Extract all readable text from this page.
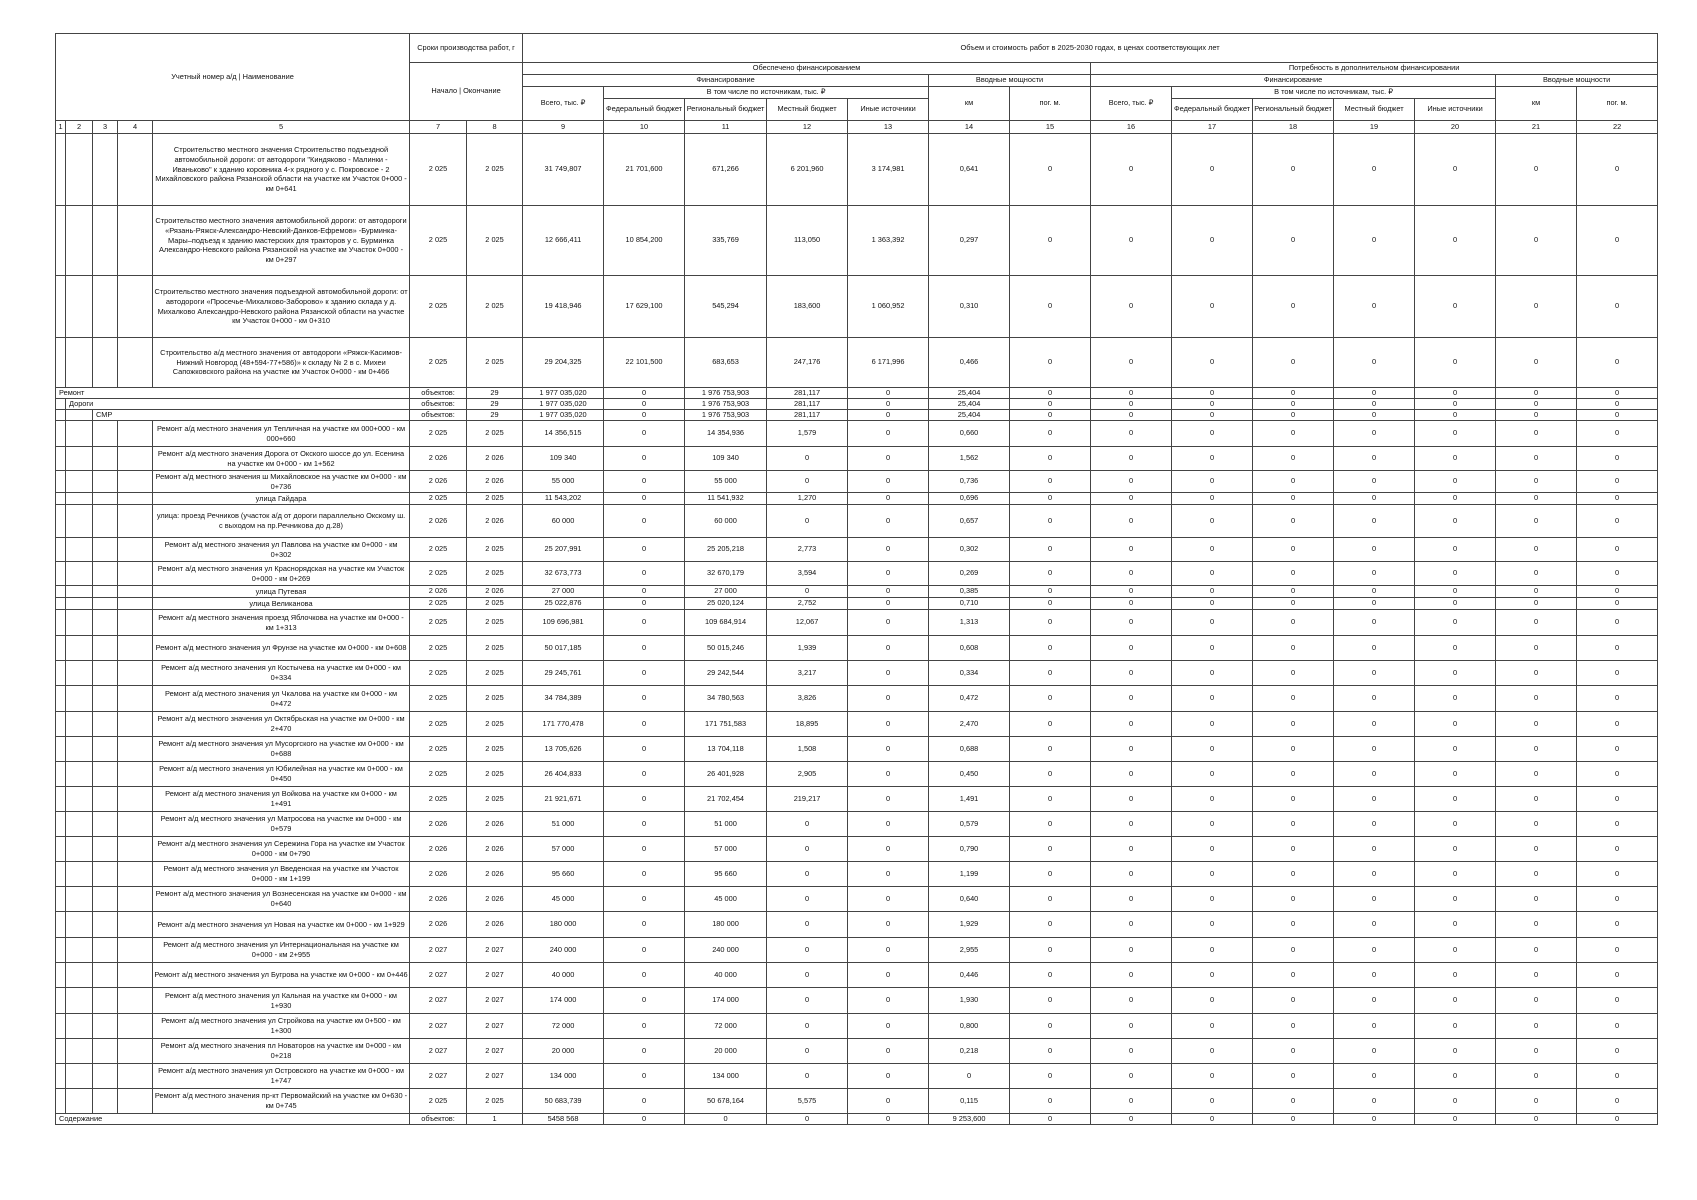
Учетный номер а/д | Наименование					Сроки производства работ, г		Объем и стоимость работ в 2025-2030 годах, в ценах соответствующих лет													
					Начало | Окончание		Обеспечено финансированием							Потребность в дополнительном финансировании						
							Финансирование					Вводные мощности		Финансирование					Вводные мощности	
							Всего, тыс. ₽	В том числе по источникам, тыс. ₽				км	пог. м.	Всего, тыс. ₽	В том числе по источникам, тыс. ₽				км	пог. м.
								Федеральный бюджет	Региональный бюджет	Местный бюджет	Иные источники				Федеральный бюджет	Региональный бюджет	Местный бюджет	Иные источники		
1	2	3	4	5	7	8	9	10	11	12	13	14	15	16	17	18	19	20	21	22
				Строительство местного значения Строительство подъездной автомобильной дороги: от автодороги "Киндяково - Малинки - Иваньково" к зданию коровника 4-х рядного у с. Покровское - 2 Михайловского района Рязанской области на участке км Участок 0+000 - км 0+641	2 025	2 025	31 749,807	21 701,600	671,266	6 201,960	3 174,981	0,641	0	0	0	0	0	0	0	0
				Строительство местного значения автомобильной дороги: от автодороги «Рязань-Ряжск-Александро-Невский-Данков-Ефремов» -Бурминка-Мары–подъезд к зданию мастерских для тракторов у с. Бурминка Александро-Невского района Рязанской на участке км Участок 0+000 - км 0+297	2 025	2 025	12 666,411	10 854,200	335,769	113,050	1 363,392	0,297	0	0	0	0	0	0	0	0
				Строительство местного значения подъездной автомобильной дороги: от автодороги «Просечье-Михалково-Заборово» к зданию склада у д. Михалково Александро-Невского района Рязанской области на участке км Участок 0+000 - км 0+310	2 025	2 025	19 418,946	17 629,100	545,294	183,600	1 060,952	0,310	0	0	0	0	0	0	0	0
				Строительство а/д местного значения от автодороги «Ряжск-Касимов-Нижний Новгород (48+594-77+586)» к складу № 2 в с. Михеи Сапожковского района на участке км Участок 0+000 - км 0+466	2 025	2 025	29 204,325	22 101,500	683,653	247,176	6 171,996	0,466	0	0	0	0	0	0	0	0
Ремонт					объектов:	29	1 977 035,020	0	1 976 753,903	281,117	0	25,404	0	0	0	0	0	0	0	0
	Дороги				объектов:	29	1 977 035,020	0	1 976 753,903	281,117	0	25,404	0	0	0	0	0	0	0	0
		СМР			объектов:	29	1 977 035,020	0	1 976 753,903	281,117	0	25,404	0	0	0	0	0	0	0	0
				Ремонт а/д местного значения ул Тепличная на участке км 000+000 - км 000+660	2 025	2 025	14 356,515	0	14 354,936	1,579	0	0,660	0	0	0	0	0	0	0	0
				Ремонт а/д местного значения Дорога от Окского шоссе до ул. Есенина на участке км 0+000 - км 1+562	2 026	2 026	109 340	0	109 340	0	0	1,562	0	0	0	0	0	0	0	0
				Ремонт а/д местного значения ш Михайловское на участке км 0+000 - км 0+736	2 026	2 026	55 000	0	55 000	0	0	0,736	0	0	0	0	0	0	0	0
				улица Гайдара	2 025	2 025	11 543,202	0	11 541,932	1,270	0	0,696	0	0	0	0	0	0	0	0
				улица: проезд Речников (участок а/д от дороги параллельно Окскому ш. с выходом на пр.Речникова до д.28)	2 026	2 026	60 000	0	60 000	0	0	0,657	0	0	0	0	0	0	0	0
				Ремонт а/д местного значения ул Павлова на участке км 0+000 - км 0+302	2 025	2 025	25 207,991	0	25 205,218	2,773	0	0,302	0	0	0	0	0	0	0	0
				Ремонт а/д местного значения ул Краснорядская на участке км Участок 0+000 - км 0+269	2 025	2 025	32 673,773	0	32 670,179	3,594	0	0,269	0	0	0	0	0	0	0	0
				улица Путевая	2 026	2 026	27 000	0	27 000	0	0	0,385	0	0	0	0	0	0	0	0
				улица Великанова	2 025	2 025	25 022,876	0	25 020,124	2,752	0	0,710	0	0	0	0	0	0	0	0
				Ремонт а/д местного значения проезд Яблочкова на участке км 0+000 - км 1+313	2 025	2 025	109 696,981	0	109 684,914	12,067	0	1,313	0	0	0	0	0	0	0	0
				Ремонт а/д местного значения ул Фрунзе на участке км 0+000 - км 0+608	2 025	2 025	50 017,185	0	50 015,246	1,939	0	0,608	0	0	0	0	0	0	0	0
				Ремонт а/д местного значения ул Костычева на участке км 0+000 - км 0+334	2 025	2 025	29 245,761	0	29 242,544	3,217	0	0,334	0	0	0	0	0	0	0	0
				Ремонт а/д местного значения ул Чкалова на участке км 0+000 - км 0+472	2 025	2 025	34 784,389	0	34 780,563	3,826	0	0,472	0	0	0	0	0	0	0	0
				Ремонт а/д местного значения ул Октябрьская на участке км 0+000 - км 2+470	2 025	2 025	171 770,478	0	171 751,583	18,895	0	2,470	0	0	0	0	0	0	0	0
				Ремонт а/д местного значения ул Мусоргского на участке км 0+000 - км 0+688	2 025	2 025	13 705,626	0	13 704,118	1,508	0	0,688	0	0	0	0	0	0	0	0
				Ремонт а/д местного значения ул Юбилейная на участке км 0+000 - км 0+450	2 025	2 025	26 404,833	0	26 401,928	2,905	0	0,450	0	0	0	0	0	0	0	0
				Ремонт а/д местного значения ул Войкова на участке км 0+000 - км 1+491	2 025	2 025	21 921,671	0	21 702,454	219,217	0	1,491	0	0	0	0	0	0	0	0
				Ремонт а/д местного значения ул Матросова на участке км 0+000 - км 0+579	2 026	2 026	51 000	0	51 000	0	0	0,579	0	0	0	0	0	0	0	0
				Ремонт а/д местного значения ул Сережина Гора на участке км Участок 0+000 - км 0+790	2 026	2 026	57 000	0	57 000	0	0	0,790	0	0	0	0	0	0	0	0
				Ремонт а/д местного значения ул Введенская на участке км Участок 0+000 - км 1+199	2 026	2 026	95 660	0	95 660	0	0	1,199	0	0	0	0	0	0	0	0
				Ремонт а/д местного значения ул Вознесенская на участке км 0+000 - км 0+640	2 026	2 026	45 000	0	45 000	0	0	0,640	0	0	0	0	0	0	0	0
				Ремонт а/д местного значения ул Новая на участке км 0+000 - км 1+929	2 026	2 026	180 000	0	180 000	0	0	1,929	0	0	0	0	0	0	0	0
				Ремонт а/д местного значения ул Интернациональная на участке км 0+000 - км 2+955	2 027	2 027	240 000	0	240 000	0	0	2,955	0	0	0	0	0	0	0	0
				Ремонт а/д местного значения ул Бугрова на участке км 0+000 - км 0+446	2 027	2 027	40 000	0	40 000	0	0	0,446	0	0	0	0	0	0	0	0
				Ремонт а/д местного значения ул Кальная на участке км 0+000 - км 1+930	2 027	2 027	174 000	0	174 000	0	0	1,930	0	0	0	0	0	0	0	0
				Ремонт а/д местного значения ул Стройкова на участке км 0+500 - км 1+300	2 027	2 027	72 000	0	72 000	0	0	0,800	0	0	0	0	0	0	0	0
				Ремонт а/д местного значения пл Новаторов на участке км 0+000 - км 0+218	2 027	2 027	20 000	0	20 000	0	0	0,218	0	0	0	0	0	0	0	0
				Ремонт а/д местного значения ул Островского на участке км 0+000 - км 1+747	2 027	2 027	134 000	0	134 000	0	0	0	0	0	0	0	0	0	0	0
				Ремонт а/д местного значения пр-кт Первомайский на участке км 0+630 - км 0+745	2 025	2 025	50 683,739	0	50 678,164	5,575	0	0,115	0	0	0	0	0	0	0	0
Содержание					объектов:	1	5458 568	0	0	0	0	9 253,600	0	0	0	0	0	0	0	0
